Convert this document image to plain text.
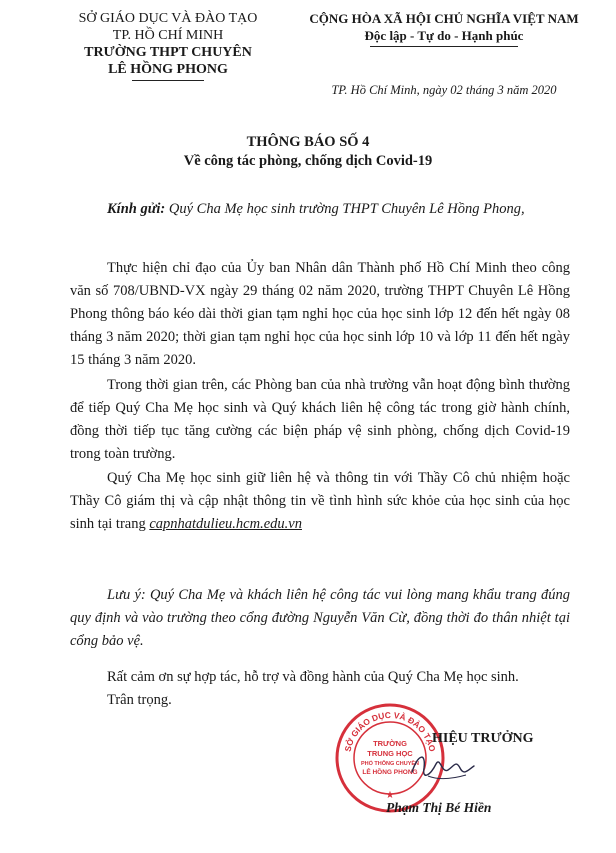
SỞ GIÁO DỤC VÀ ĐÀO TẠO
TP. HỒ CHÍ MINH
TRƯỜNG THPT CHUYÊN
LÊ HỒNG PHONG
CỘNG HÒA XÃ HỘI CHỦ NGHĨA VIỆT NAM
Độc lập - Tự do - Hạnh phúc
TP. Hồ Chí Minh, ngày 02 tháng 3 năm 2020
THÔNG BÁO SỐ 4
Về công tác phòng, chống dịch Covid-19
Kính gửi: Quý Cha Mẹ học sinh trường THPT Chuyên Lê Hồng Phong,
Thực hiện chỉ đạo của Ủy ban Nhân dân Thành phố Hồ Chí Minh theo công văn số 708/UBND-VX ngày 29 tháng 02 năm 2020, trường THPT Chuyên Lê Hồng Phong thông báo kéo dài thời gian tạm nghỉ học của học sinh lớp 12 đến hết ngày 08 tháng 3 năm 2020; thời gian tạm nghỉ học của học sinh lớp 10 và lớp 11 đến hết ngày 15 tháng 3 năm 2020.
Trong thời gian trên, các Phòng ban của nhà trường vẫn hoạt động bình thường để tiếp Quý Cha Mẹ học sinh và Quý khách liên hệ công tác trong giờ hành chính, đồng thời tiếp tục tăng cường các biện pháp vệ sinh phòng, chống dịch Covid-19 trong toàn trường.
Quý Cha Mẹ học sinh giữ liên hệ và thông tin với Thầy Cô chủ nhiệm hoặc Thầy Cô giám thị và cập nhật thông tin về tình hình sức khỏe của học sinh của học sinh tại trang capnhatdulieu.hcm.edu.vn
Lưu ý: Quý Cha Mẹ và khách liên hệ công tác vui lòng mang khẩu trang đúng quy định và vào trường theo cổng đường Nguyễn Văn Cừ, đồng thời đo thân nhiệt tại cổng bảo vệ.
Rất cảm ơn sự hợp tác, hỗ trợ và đồng hành của Quý Cha Mẹ học sinh.
Trân trọng.
SỞ GIÁO DỤC VÀ ĐÀO TẠO
TRƯỜNG
TRUNG HỌC
PHỔ THÔNG CHUYÊN
LÊ HỒNG PHONG
★
HIỆU TRƯỞNG
Phạm Thị Bé Hiền
